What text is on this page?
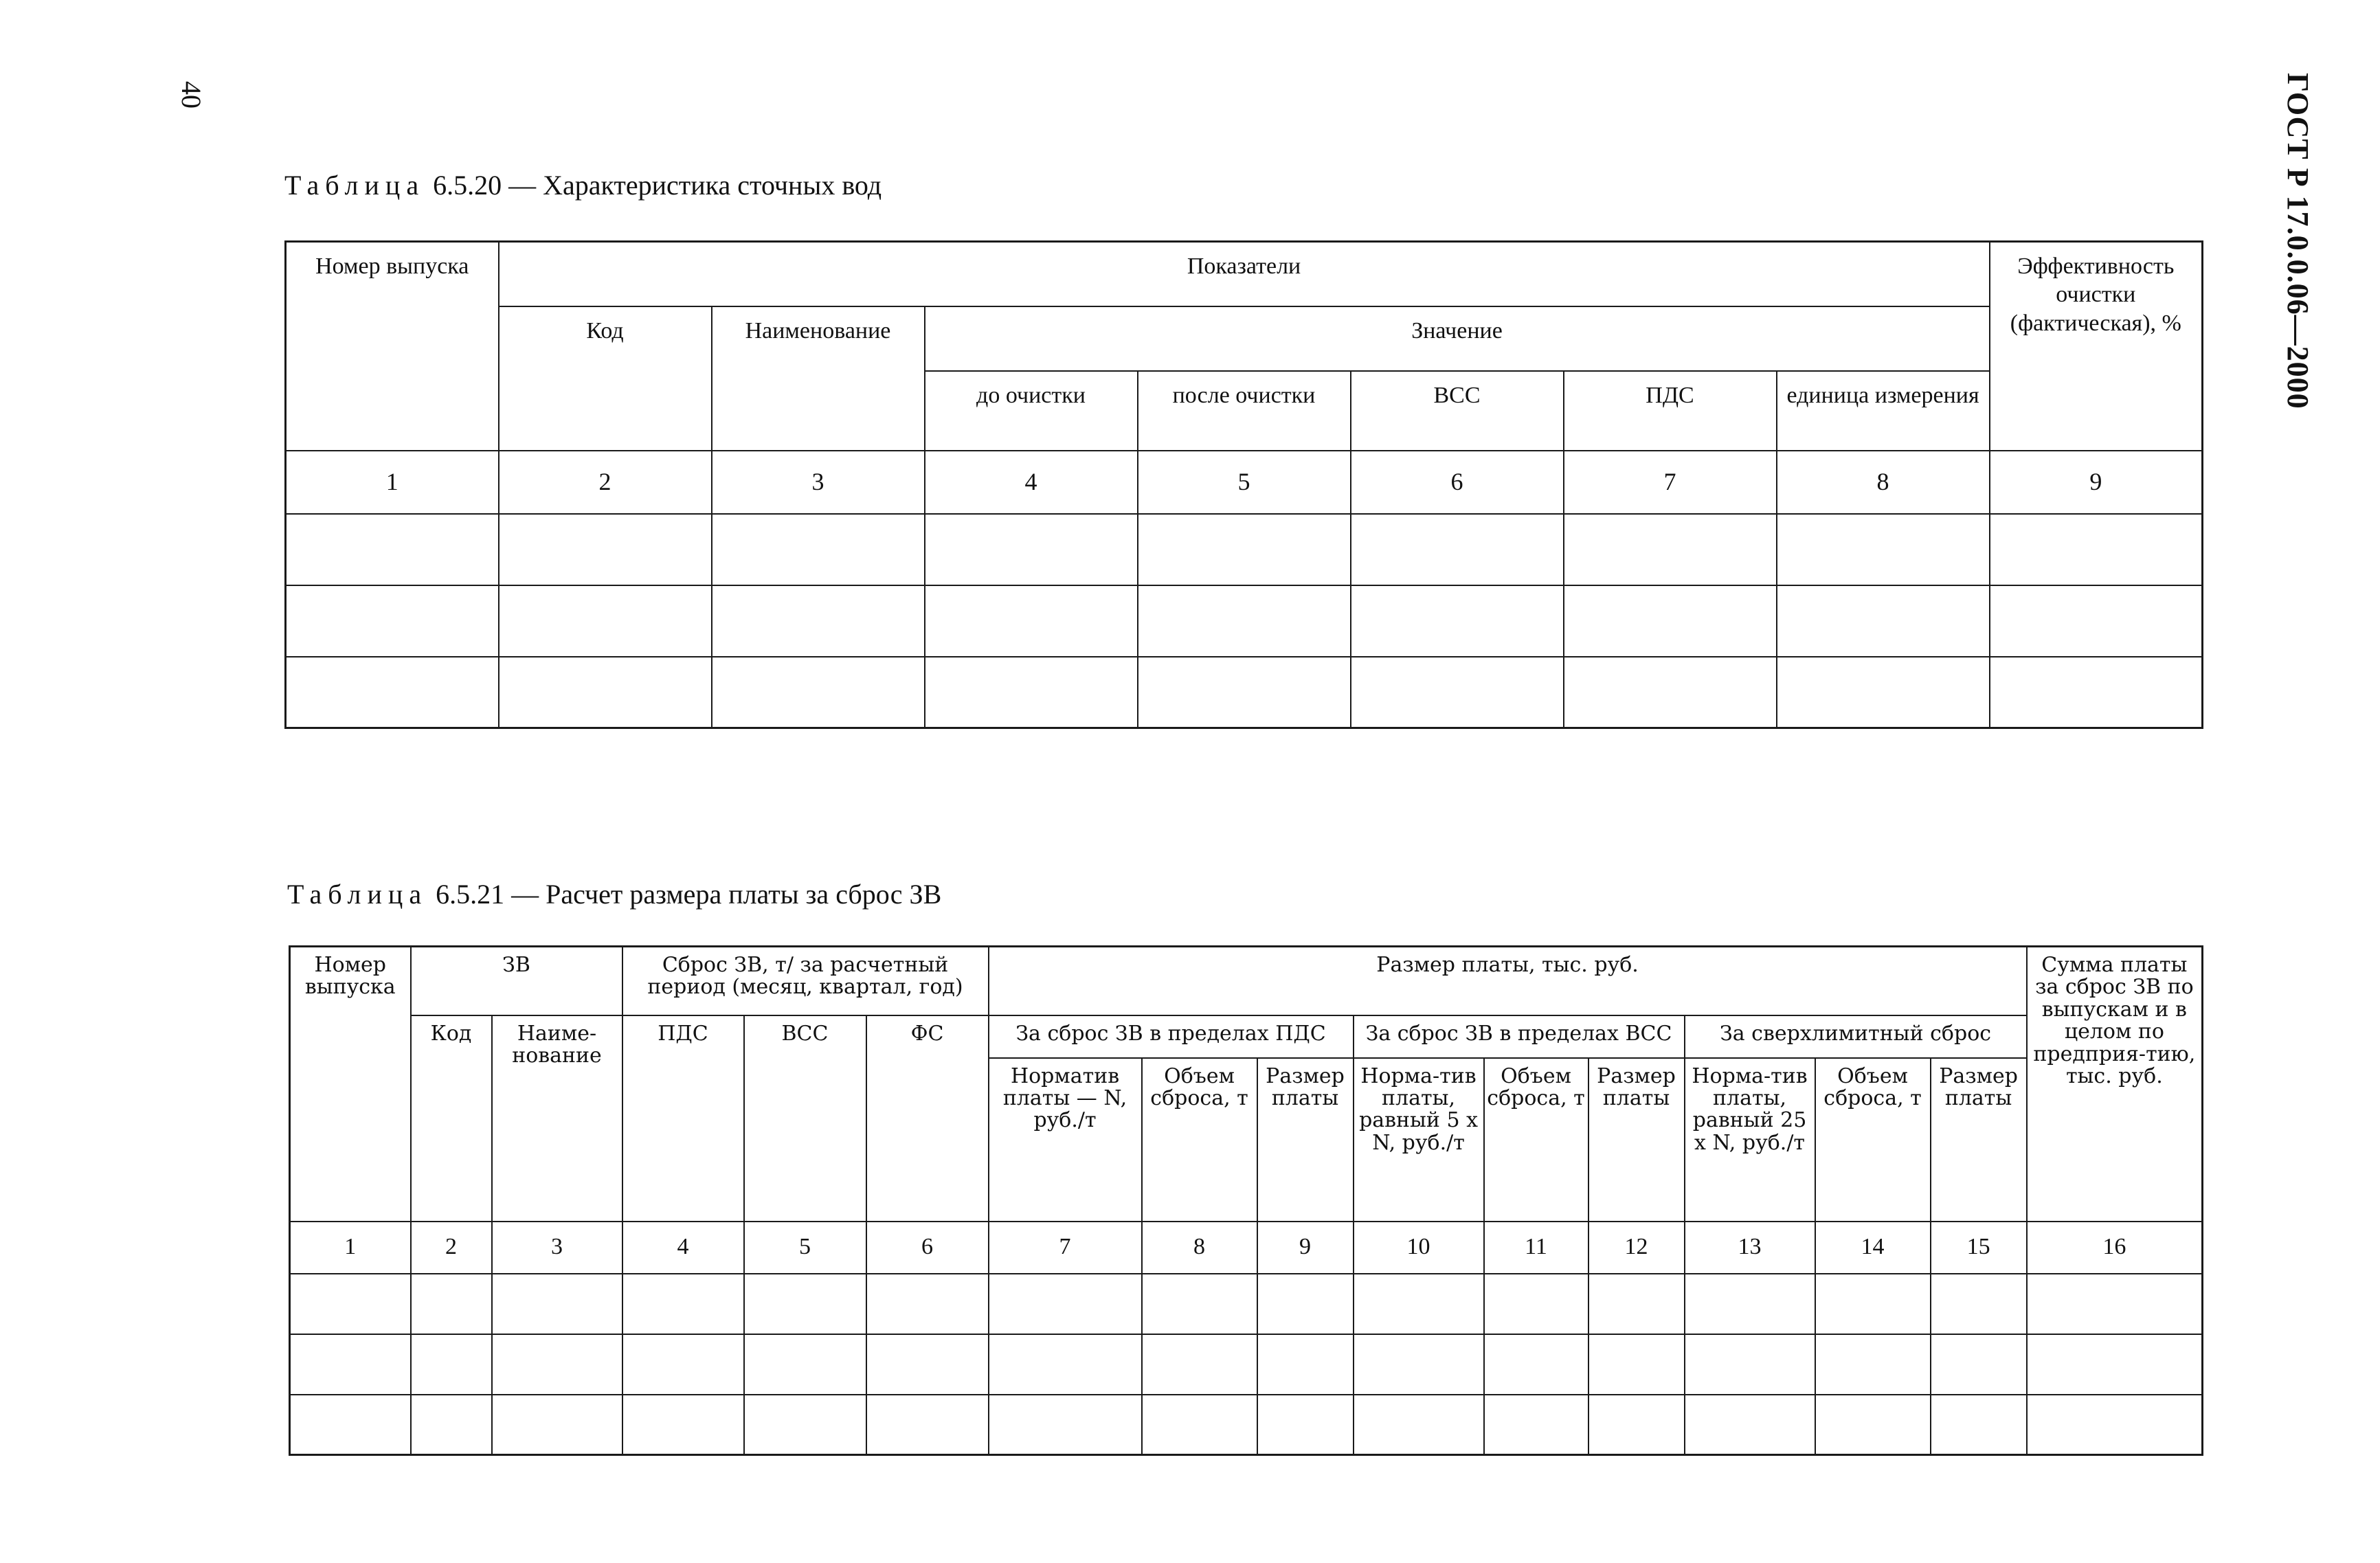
40	ГОСТ Р 17.0.0.06—2000
Таблица 6.5.20 — Характеристика сточных вод
Номер выпуска	Показатели							Эффективность очистки (фактическая), %
	Код	Наименование	Значение					
			до очистки	после очистки	ВСС	ПДС	единица измерения	
1	2	3	4	5	6	7	8	9

Таблица 6.5.21 — Расчет размера платы за сброс ЗВ
Номер выпуска	ЗВ		Сброс ЗВ, т/ за расчетный период (месяц, квартал, год)			Размер платы, тыс. руб.									Сумма платы за сброс ЗВ по выпускам и в целом по предприя-тию, тыс. руб.
	Код	Наиме-нование	ПДС	ВСС	ФС	За сброс ЗВ в пределах ПДС			За сброс ЗВ в пределах ВСС			За сверхлимитный сброс			
						Норматив платы — N, руб./т	Объем сброса, т	Размер платы	Норма-тив платы, равный 5 x N, руб./т	Объем сброса, т	Размер платы	Норма-тив платы, равный 25 x N, руб./т	Объем сброса, т	Размер платы	
1	2	3	4	5	6	7	8	9	10	11	12	13	14	15	16
